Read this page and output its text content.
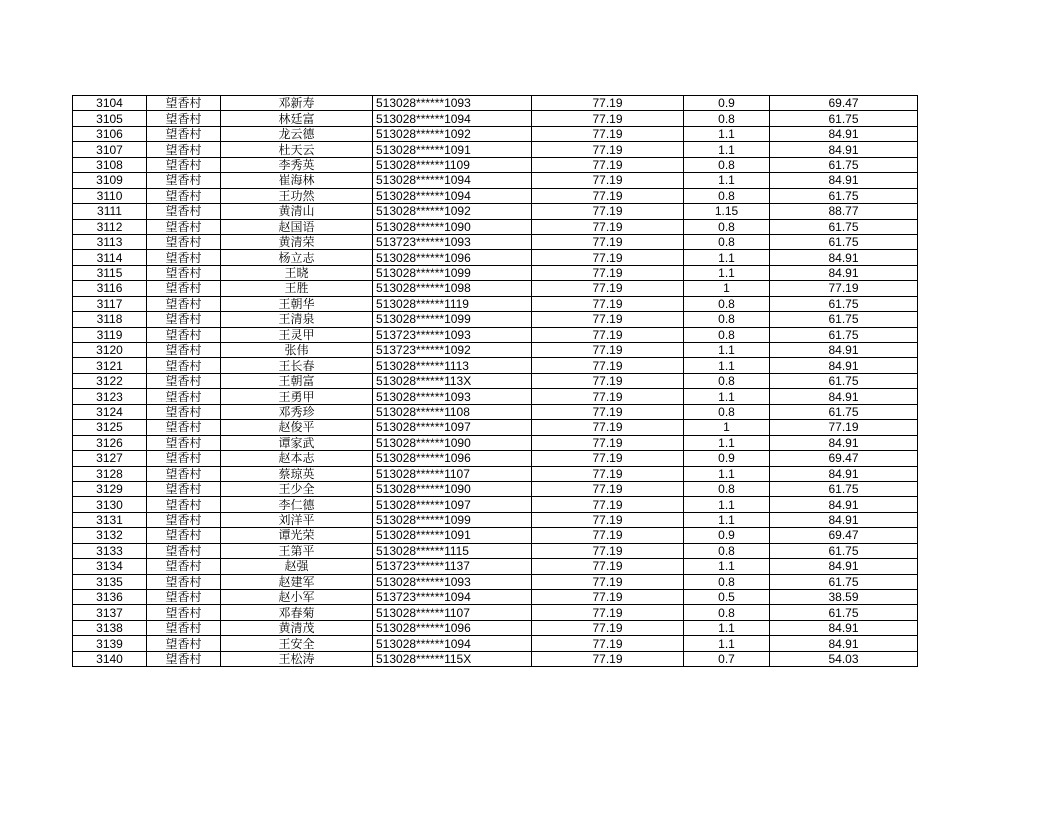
3104	望香村	邓新寿	513028******1093	77.19	0.9	69.47
3105	望香村	林廷富	513028******1094	77.19	0.8	61.75
3106	望香村	龙云德	513028******1092	77.19	1.1	84.91
3107	望香村	杜天云	513028******1091	77.19	1.1	84.91
3108	望香村	李秀英	513028******1109	77.19	0.8	61.75
3109	望香村	崔海林	513028******1094	77.19	1.1	84.91
3110	望香村	王功然	513028******1094	77.19	0.8	61.75
3111	望香村	黄清山	513028******1092	77.19	1.15	88.77
3112	望香村	赵国语	513028******1090	77.19	0.8	61.75
3113	望香村	黄清荣	513723******1093	77.19	0.8	61.75
3114	望香村	杨立志	513028******1096	77.19	1.1	84.91
3115	望香村	王晓	513028******1099	77.19	1.1	84.91
3116	望香村	王胜	513028******1098	77.19	1	77.19
3117	望香村	王朝华	513028******1119	77.19	0.8	61.75
3118	望香村	王清泉	513028******1099	77.19	0.8	61.75
3119	望香村	王灵甲	513723******1093	77.19	0.8	61.75
3120	望香村	张伟	513723******1092	77.19	1.1	84.91
3121	望香村	王长春	513028******1113	77.19	1.1	84.91
3122	望香村	王朝富	513028******113X	77.19	0.8	61.75
3123	望香村	王勇甲	513028******1093	77.19	1.1	84.91
3124	望香村	邓秀珍	513028******1108	77.19	0.8	61.75
3125	望香村	赵俊平	513028******1097	77.19	1	77.19
3126	望香村	谭家武	513028******1090	77.19	1.1	84.91
3127	望香村	赵本志	513028******1096	77.19	0.9	69.47
3128	望香村	蔡琼英	513028******1107	77.19	1.1	84.91
3129	望香村	王少全	513028******1090	77.19	0.8	61.75
3130	望香村	李仁德	513028******1097	77.19	1.1	84.91
3131	望香村	刘洋平	513028******1099	77.19	1.1	84.91
3132	望香村	谭光荣	513028******1091	77.19	0.9	69.47
3133	望香村	王第平	513028******1115	77.19	0.8	61.75
3134	望香村	赵强	513723******1137	77.19	1.1	84.91
3135	望香村	赵建军	513028******1093	77.19	0.8	61.75
3136	望香村	赵小军	513723******1094	77.19	0.5	38.59
3137	望香村	邓春菊	513028******1107	77.19	0.8	61.75
3138	望香村	黄清茂	513028******1096	77.19	1.1	84.91
3139	望香村	王安全	513028******1094	77.19	1.1	84.91
3140	望香村	王松涛	513028******115X	77.19	0.7	54.03
